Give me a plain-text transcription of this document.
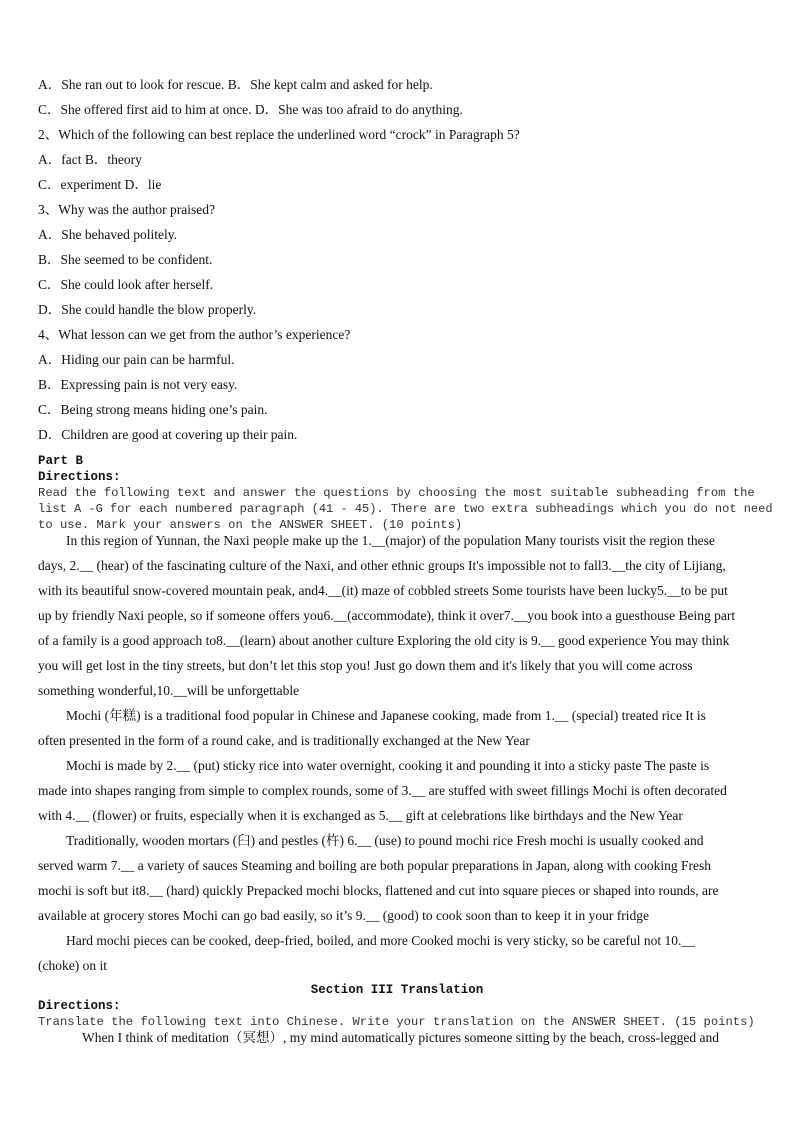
A．She ran out to look for rescue. B．She kept calm and asked for help.
C．She offered first aid to him at once. D．She was too afraid to do anything.
2、Which of the following can best replace the underlined word “crock” in Paragraph 5?
A．fact B．theory
C．experiment D．lie
3、Why was the author praised?
A．She behaved politely.
B．She seemed to be confident.
C．She could look after herself.
D．She could handle the blow properly.
4、What lesson can we get from the author’s experience?
A．Hiding our pain can be harmful.
B．Expressing pain is not very easy.
C．Being strong means hiding one’s pain.
D．Children are good at covering up their pain.
Part B
Directions:
Read the following text and answer the questions by choosing the most suitable subheading from the
list A -G for each numbered paragraph (41 - 45). There are two extra subheadings which you do not need
to use. Mark your answers on the ANSWER SHEET. (10 points)
In this region of Yunnan, the Naxi people make up the 1.__(major) of the population Many tourists visit the region these
days, 2.__ (hear) of the fascinating culture of the Naxi, and other ethnic groups It's impossible not to fall3.__the city of Lijiang,
with its beautiful snow-covered mountain peak, and4.__(it) maze of cobbled streets Some tourists have been lucky5.__to be put
up by friendly Naxi people, so if someone offers you6.__(accommodate), think it over7.__you book into a guesthouse Being part
of a family is a good approach to8.__(learn) about another culture Exploring the old city is 9.__ good experience You may think
you will get lost in the tiny streets, but don’t let this stop you! Just go down them and it's likely that you will come across
something wonderful,10.__will be unforgettable
Mochi (年糕) is a traditional food popular in Chinese and Japanese cooking, made from 1.__ (special) treated rice It is
often presented in the form of a round cake, and is traditionally exchanged at the New Year
Mochi is made by 2.__ (put) sticky rice into water overnight, cooking it and pounding it into a sticky paste The paste is
made into shapes ranging from simple to complex rounds, some of 3.__ are stuffed with sweet fillings Mochi is often decorated
with 4.__ (flower) or fruits, especially when it is exchanged as 5.__ gift at celebrations like birthdays and the New Year
Traditionally, wooden mortars (臼) and pestles (杵) 6.__ (use) to pound mochi rice Fresh mochi is usually cooked and
served warm 7.__ a variety of sauces Steaming and boiling are both popular preparations in Japan, along with cooking Fresh
mochi is soft but it8.__ (hard) quickly Prepacked mochi blocks, flattened and cut into square pieces or shaped into rounds, are
available at grocery stores Mochi can go bad easily, so it’s 9.__ (good) to cook soon than to keep it in your fridge
Hard mochi pieces can be cooked, deep-fried, boiled, and more Cooked mochi is very sticky, so be careful not 10.__
(choke) on it
Section III Translation
Directions:
Translate the following text into Chinese. Write your translation on the ANSWER SHEET. (15 points)
When I think of meditation（冥想）, my mind automatically pictures someone sitting by the beach, cross-legged and
